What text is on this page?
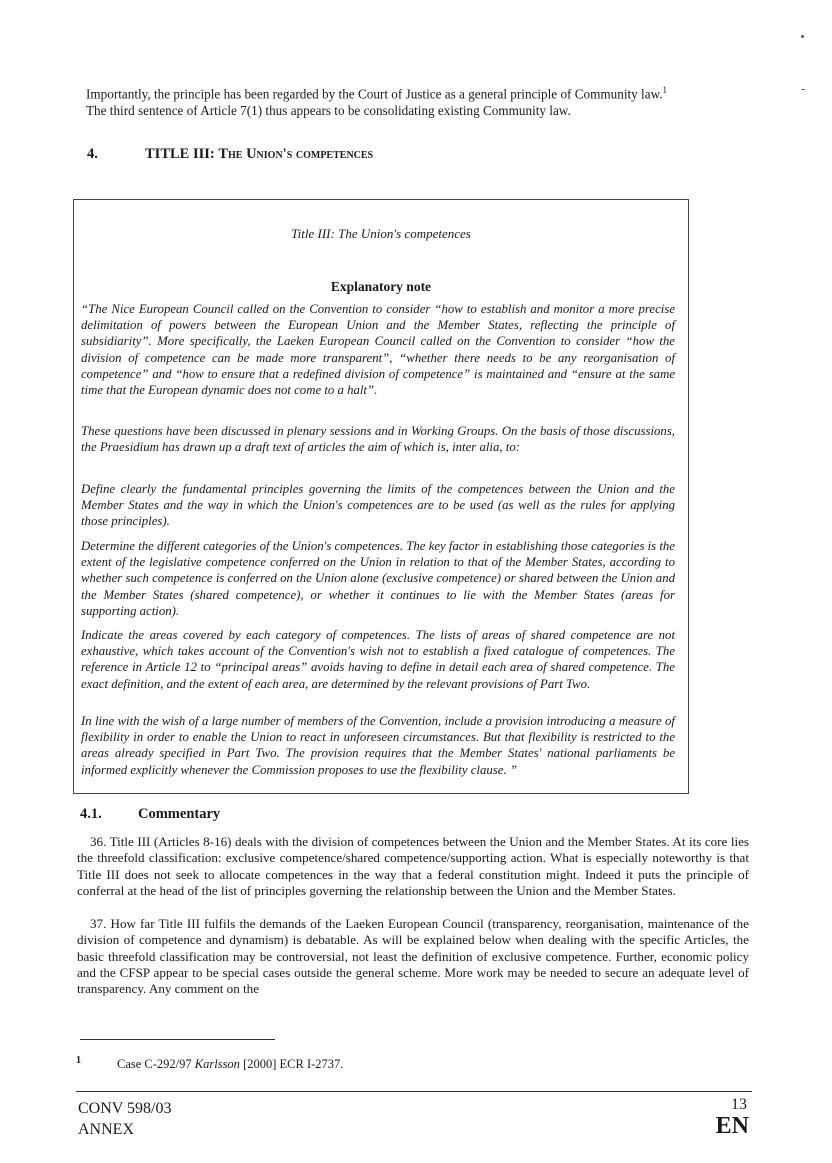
Importantly, the principle has been regarded by the Court of Justice as a general principle of Community law.$^1$
The third sentence of Article 7(1) thus appears to be consolidating existing Community law.
4.	TITLE III: The Union's competences
Title III: The Union's competences
Explanatory note
“The Nice European Council called on the Convention to consider “how to establish and monitor a more precise delimitation of powers between the European Union and the Member States, reflecting the principle of subsidiarity”. More specifically, the Laeken European Council called on the Convention to consider “how the division of competence can be made more transparent”, “whether there needs to be any reorganisation of competence” and “how to ensure that a redefined division of competence” is maintained and “ensure at the same time that the European dynamic does not come to a halt”.
These questions have been discussed in plenary sessions and in Working Groups. On the basis of those discussions, the Praesidium has drawn up a draft text of articles the aim of which is, inter alia, to:
Define clearly the fundamental principles governing the limits of the competences between the Union and the Member States and the way in which the Union's competences are to be used (as well as the rules for applying those principles).
Determine the different categories of the Union's competences. The key factor in establishing those categories is the extent of the legislative competence conferred on the Union in relation to that of the Member States, according to whether such competence is conferred on the Union alone (exclusive competence) or shared between the Union and the Member States (shared competence), or whether it continues to lie with the Member States (areas for supporting action).
Indicate the areas covered by each category of competences. The lists of areas of shared competence are not exhaustive, which takes account of the Convention's wish not to establish a fixed catalogue of competences. The reference in Article 12 to “principal areas” avoids having to define in detail each area of shared competence. The exact definition, and the extent of each area, are determined by the relevant provisions of Part Two.
In line with the wish of a large number of members of the Convention, include a provision introducing a measure of flexibility in order to enable the Union to react in unforeseen circumstances. But that flexibility is restricted to the areas already specified in Part Two. The provision requires that the Member States' national parliaments be informed explicitly whenever the Commission proposes to use the flexibility clause. ”
4.1.	Commentary
36. Title III (Articles 8-16) deals with the division of competences between the Union and the Member States. At its core lies the threefold classification: exclusive competence/shared competence/supporting action. What is especially noteworthy is that Title III does not seek to allocate competences in the way that a federal constitution might. Indeed it puts the principle of conferral at the head of the list of principles governing the relationship between the Union and the Member States.
37. How far Title III fulfils the demands of the Laeken European Council (transparency, reorganisation, maintenance of the division of competence and dynamism) is debatable. As will be explained below when dealing with the specific Articles, the basic threefold classification may be controversial, not least the definition of exclusive competence. Further, economic policy and the CFSP appear to be special cases outside the general scheme. More work may be needed to secure an adequate level of transparency. Any comment on the
1	Case C-292/97 Karlsson [2000] ECR I-2737.
CONV 598/03
ANNEX
13
EN
